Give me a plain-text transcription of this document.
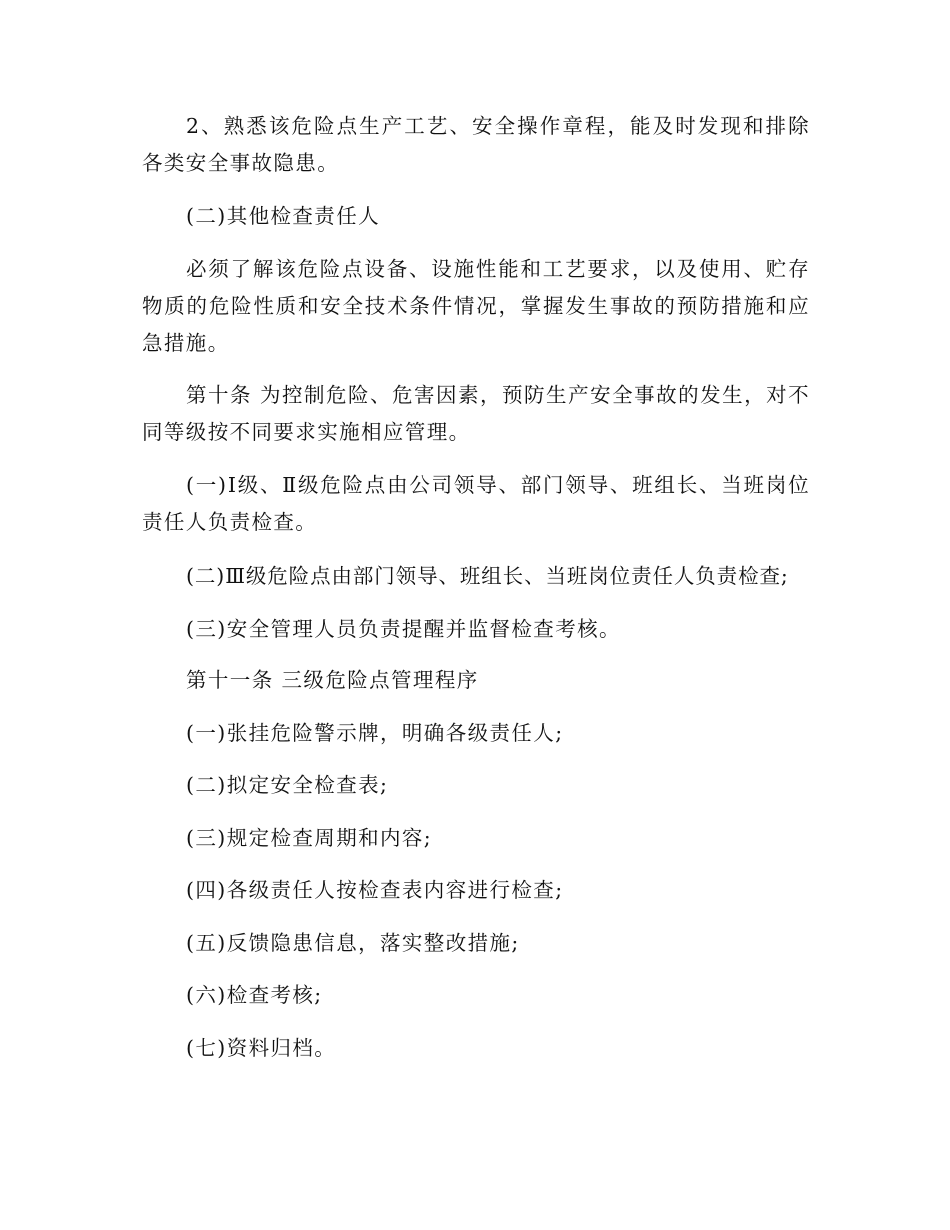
2、熟悉该危险点生产工艺、安全操作章程，能及时发现和排除各类安全事故隐患。

(二)其他检查责任人

必须了解该危险点设备、设施性能和工艺要求，以及使用、贮存物质的危险性质和安全技术条件情况，掌握发生事故的预防措施和应急措施。

第十条 为控制危险、危害因素，预防生产安全事故的发生，对不同等级按不同要求实施相应管理。

(一)Ⅰ级、Ⅱ级危险点由公司领导、部门领导、班组长、当班岗位责任人负责检查。

(二)Ⅲ级危险点由部门领导、班组长、当班岗位责任人负责检查;

(三)安全管理人员负责提醒并监督检查考核。

第十一条 三级危险点管理程序

(一)张挂危险警示牌，明确各级责任人;

(二)拟定安全检查表;

(三)规定检查周期和内容;

(四)各级责任人按检查表内容进行检查;

(五)反馈隐患信息，落实整改措施;

(六)检查考核;

(七)资料归档。
